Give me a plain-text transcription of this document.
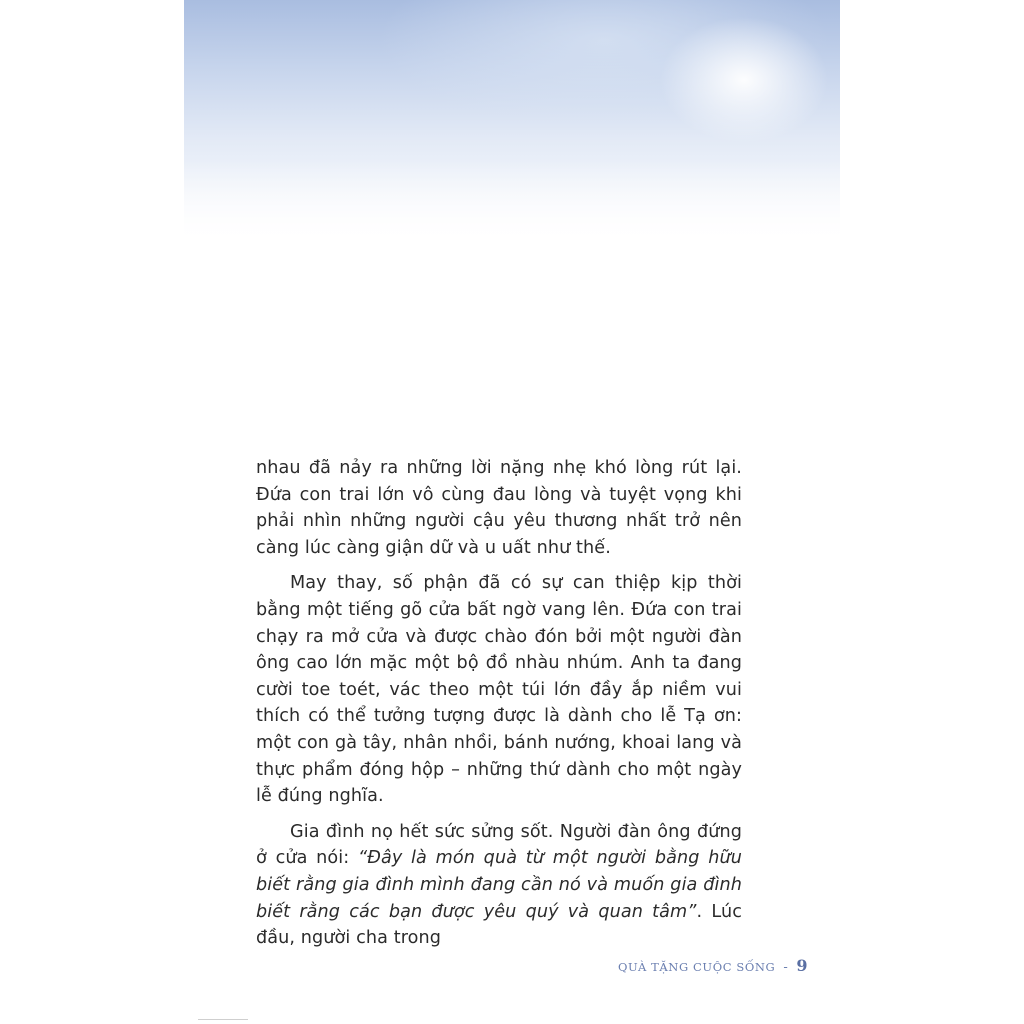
nhau đã nảy ra những lời nặng nhẹ khó lòng rút lại. Đứa con trai lớn vô cùng đau lòng và tuyệt vọng khi phải nhìn những người cậu yêu thương nhất trở nên càng lúc càng giận dữ và u uất như thế.

May thay, số phận đã có sự can thiệp kịp thời bằng một tiếng gõ cửa bất ngờ vang lên. Đứa con trai chạy ra mở cửa và được chào đón bởi một người đàn ông cao lớn mặc một bộ đồ nhàu nhúm. Anh ta đang cười toe toét, vác theo một túi lớn đầy ắp niềm vui thích có thể tưởng tượng được là dành cho lễ Tạ ơn: một con gà tây, nhân nhồi, bánh nướng, khoai lang và thực phẩm đóng hộp – những thứ dành cho một ngày lễ đúng nghĩa.

Gia đình nọ hết sức sửng sốt. Người đàn ông đứng ở cửa nói: “Đây là món quà từ một người bằng hữu biết rằng gia đình mình đang cần nó và muốn gia đình biết rằng các bạn được yêu quý và quan tâm”. Lúc đầu, người cha trong

QUÀ TẶNG CUỘC SỐNG - 9
